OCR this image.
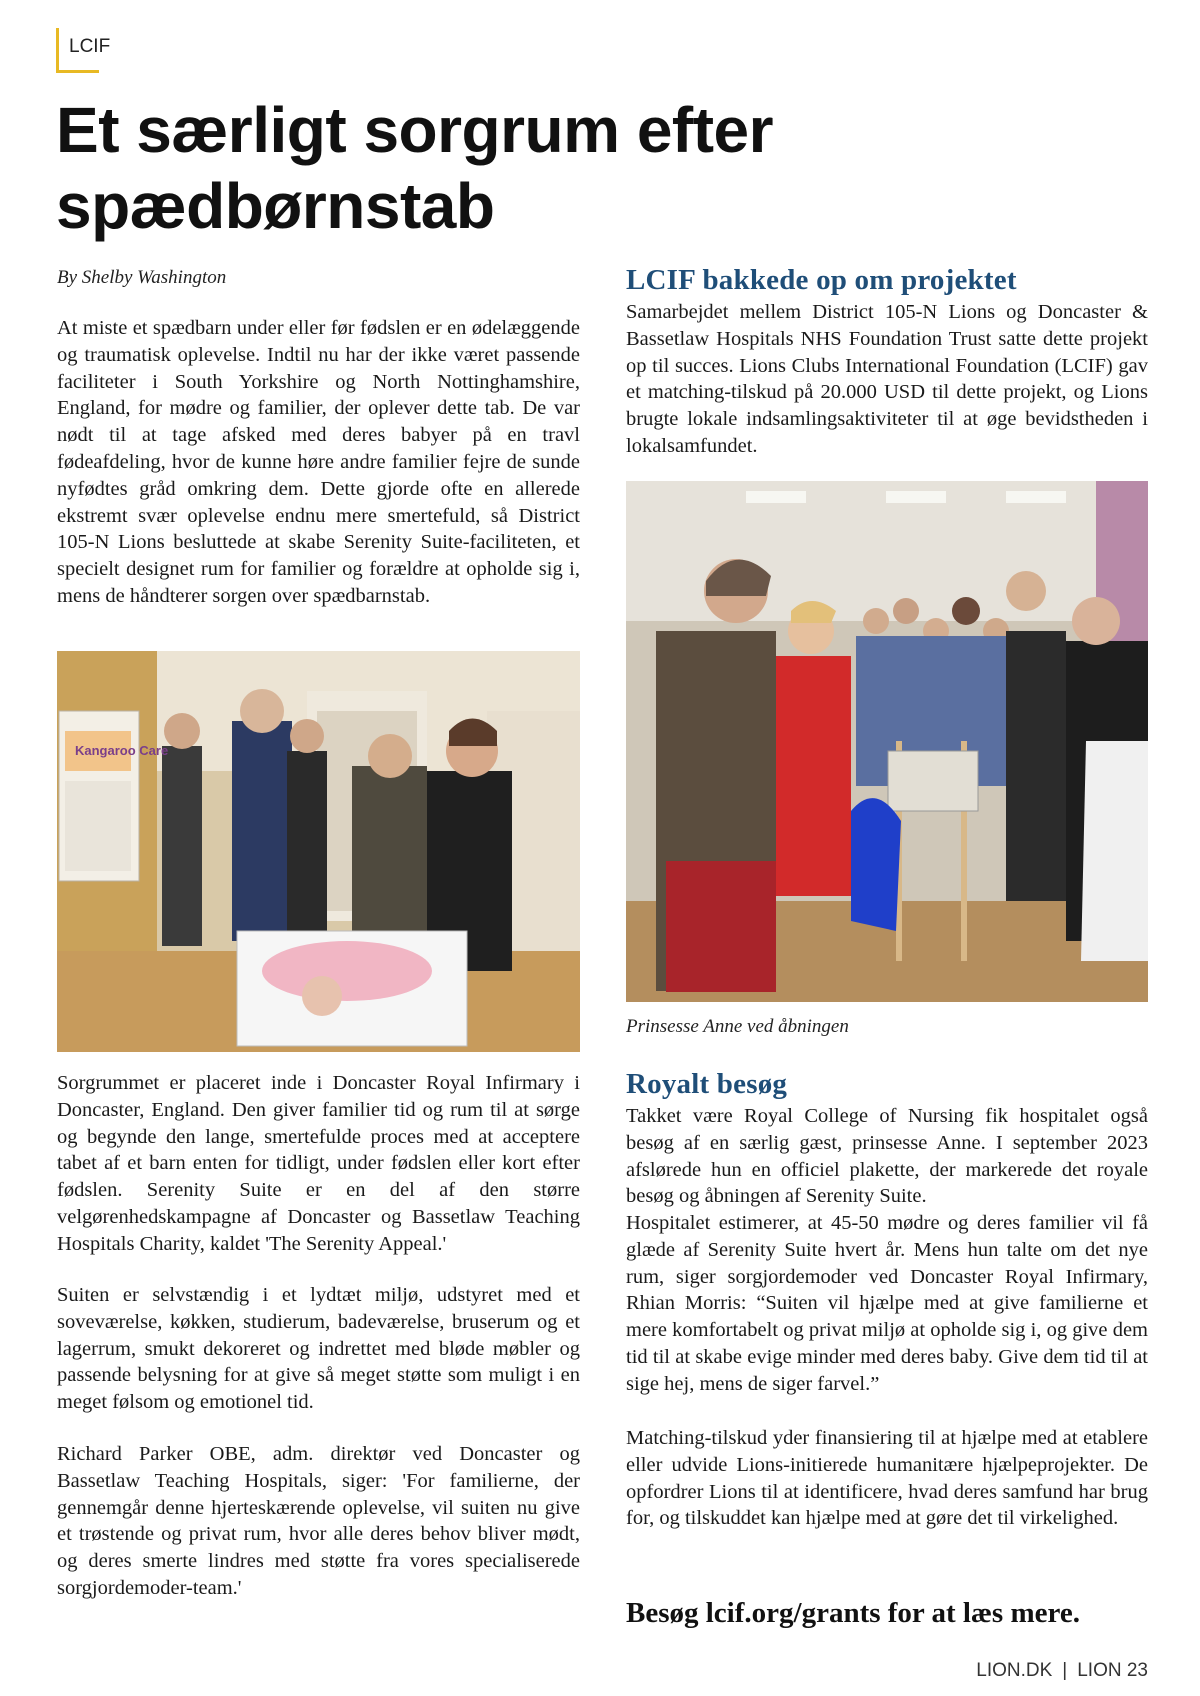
LCIF
Et særligt sorgrum efter spædbørnstab
By Shelby Washington

At miste et spædbarn under eller før fødslen er en ødelæggende og traumatisk oplevelse. Indtil nu har der ikke været passende faciliteter i South Yorkshire og North Nottinghamshire, England, for mødre og familier, der oplever dette tab. De var nødt til at tage afsked med deres babyer på en travl fødeafdeling, hvor de kunne høre andre familier fejre de sunde nyfødtes gråd omkring dem. Dette gjorde ofte en allerede ekstremt svær oplevelse endnu mere smertefuld, så District 105-N Lions besluttede at skabe Serenity Suite-faciliteten, et specielt designet rum for familier og forældre at opholde sig i, mens de håndterer sorgen over spædbarnstab.

Kangaroo Care

Sorgrummet er placeret inde i Doncaster Royal Infirmary i Doncaster, England. Den giver familier tid og rum til at sørge og begynde den lange, smertefulde proces med at acceptere tabet af et barn enten for tidligt, under fødslen eller kort efter fødslen. Serenity Suite er en del af den større velgørenhedskampagne af Doncaster og Bassetlaw Teaching Hospitals Charity, kaldet 'The Serenity Appeal.'

Suiten er selvstændig i et lydtæt miljø, udstyret med et soveværelse, køkken, studierum, badeværelse, bruserum og et lagerrum, smukt dekoreret og indrettet med bløde møbler og passende belysning for at give så meget støtte som muligt i en meget følsom og emotionel tid.

Richard Parker OBE, adm. direktør ved Doncaster og Bassetlaw Teaching Hospitals, siger: 'For familierne, der gennemgår denne hjerteskærende oplevelse, vil suiten nu give et trøstende og privat rum, hvor alle deres behov bliver mødt, og deres smerte lindres med støtte fra vores specialiserede sorgjordemoder-team.'

LCIF bakkede op om projektet

Samarbejdet mellem District 105-N Lions og Doncaster & Bassetlaw Hospitals NHS Foundation Trust satte dette projekt op til succes. Lions Clubs International Foundation (LCIF) gav et matching-tilskud på 20.000 USD til dette projekt, og Lions brugte lokale indsamlingsaktiviteter til at øge bevidstheden i lokalsamfundet.

Prinsesse Anne ved åbningen
Royalt besøg

Takket være Royal College of Nursing fik hospitalet også besøg af en særlig gæst, prinsesse Anne. I september 2023 afslørede hun en officiel plakette, der markerede det royale besøg og åbningen af Serenity Suite.

Hospitalet estimerer, at 45-50 mødre og deres familier vil få glæde af Serenity Suite hvert år. Mens hun talte om det nye rum, siger sorgjordemoder ved Doncaster Royal Infirmary, Rhian Morris: “Suiten vil hjælpe med at give familierne et mere komfortabelt og privat miljø at opholde sig i, og give dem tid til at skabe evige minder med deres baby. Give dem tid til at sige hej, mens de siger farvel.”

Matching-tilskud yder finansiering til at hjælpe med at etablere eller udvide Lions-initierede humanitære hjælpeprojekter. De opfordrer Lions til at identificere, hvad deres samfund har brug for, og tilskuddet kan hjælpe med at gøre det til virkelighed.

Besøg lcif.org/grants for at læs mere.

LION.DK | LION 23
